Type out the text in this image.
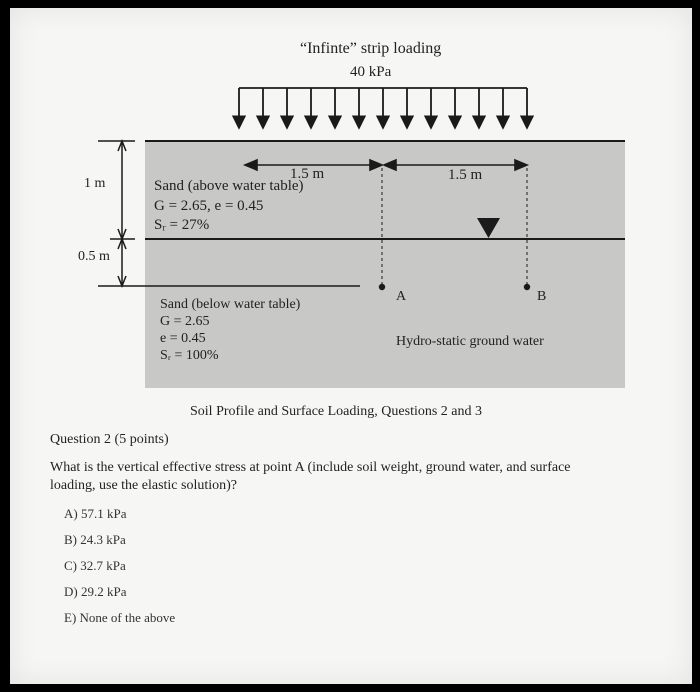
“Infinte” strip loading
40 kPa
1 m
0.5 m
1.5 m	1.5 m
Sand (above water table)
G = 2.65, e = 0.45
Sᵣ = 27%
Sand (below water table)
G = 2.65
e = 0.45
Sᵣ = 100%
A	B
Hydro-static ground water
Soil Profile and Surface Loading, Questions 2 and 3
Question 2 (5 points)
What is the vertical effective stress at point A (include soil weight, ground water, and surface
loading, use the elastic solution)?
A) 57.1 kPa
B) 24.3 kPa
C) 32.7 kPa
D) 29.2 kPa
E) None of the above
